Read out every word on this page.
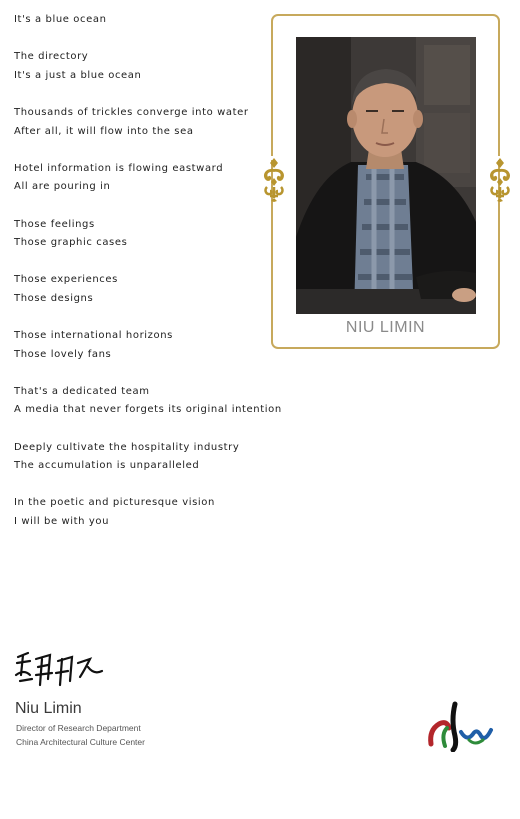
It's a blue ocean
The directory
It's a just a blue ocean
Thousands of trickles converge into water
After all, it will flow into the sea
Hotel information is flowing eastward
All are pouring in
Those feelings
Those graphic cases
Those experiences
Those designs
Those international horizons
Those lovely fans
That's a dedicated team
A media that never forgets its original intention
Deeply cultivate the hospitality industry
The accumulation is unparalleled
In the poetic and picturesque vision
I will be with you
NIU LIMIN
Niu Limin
Director of Research Department
China Architectural Culture Center
